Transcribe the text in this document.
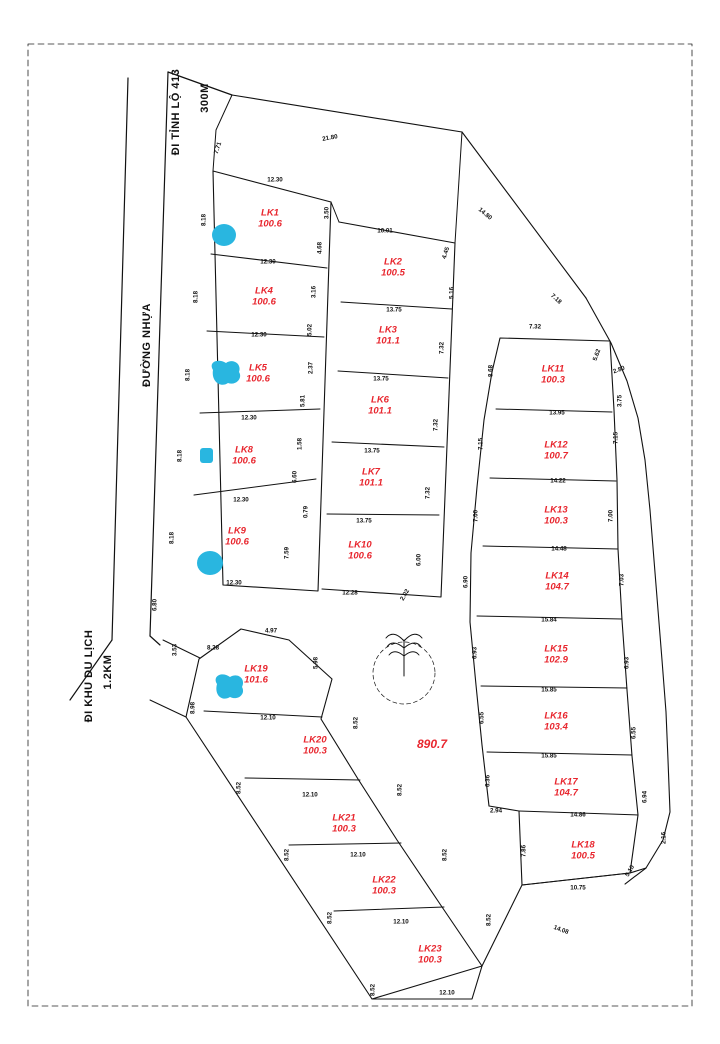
ĐI TỈNH LỘ 413 300M
ĐƯỜNG NHỰA
ĐI KHU DU LỊCH 1.2KM
7.71
21.80
14.80
7.18
12.30
12.30
12.30
12.30
12.30
12.30
8.18
8.18
8.18
8.18
8.18
6.80
3.50
4.68
3.16
5.02
2.37
5.81
1.58
6.60
0.79
7.59
10.01
13.75
13.75
13.75
13.75
12.28
4.45
5.16
7.32
7.32
7.32
6.00
2.02
7.32
5.62
2.80
8.68
13.95
3.75
7.15
7.15
14.22
7.00	7.00
14.48
6.90	7.03
15.84
6.93
6.93
15.85
6.55
6.55
15.85
6.36
6.94
2.94
14.86
7.86
2.16
5.10
10.75
14.08
4.97
8.28
3.53
5.98
8.98
12.10	8.52
8.52
12.10	8.52
8.52	12.10	8.52
8.52	12.10	8.52
8.52	12.10
LK1
100.6
LK4
100.6
LK5
100.6
LK8
100.6
LK9
100.6
LK2
100.5
LK3
101.1
LK6
101.1
LK7
101.1
LK10
100.6
LK11
100.3
LK12
100.7
LK13
100.3
LK14
104.7
LK15
102.9
LK16
103.4
LK17
104.7
LK18
100.5
LK19
101.6
LK20
100.3
LK21
100.3
LK22
100.3
LK23
100.3
890.7
